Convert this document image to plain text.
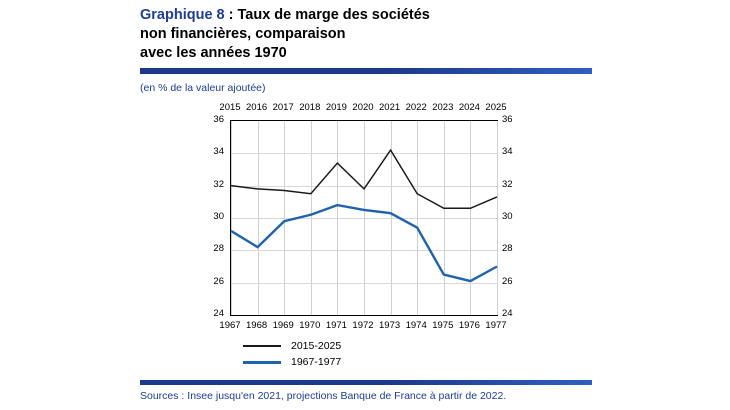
Graphique 8 : Taux de marge des sociétés
non financières, comparaison
avec les années 1970
(en % de la valeur ajoutée)
2015 2016 2017 2018 2019 2020 2021 2022 2023 2024 2025
1967 1968 1969 1970 1971 1972 1973 1974 1975 1976 1977
24
26
28
30
32
34
36
24
26
28
30
32
34
36
2015-2025
1967-1977
Sources : Insee jusqu'en 2021, projections Banque de France à partir de 2022.
